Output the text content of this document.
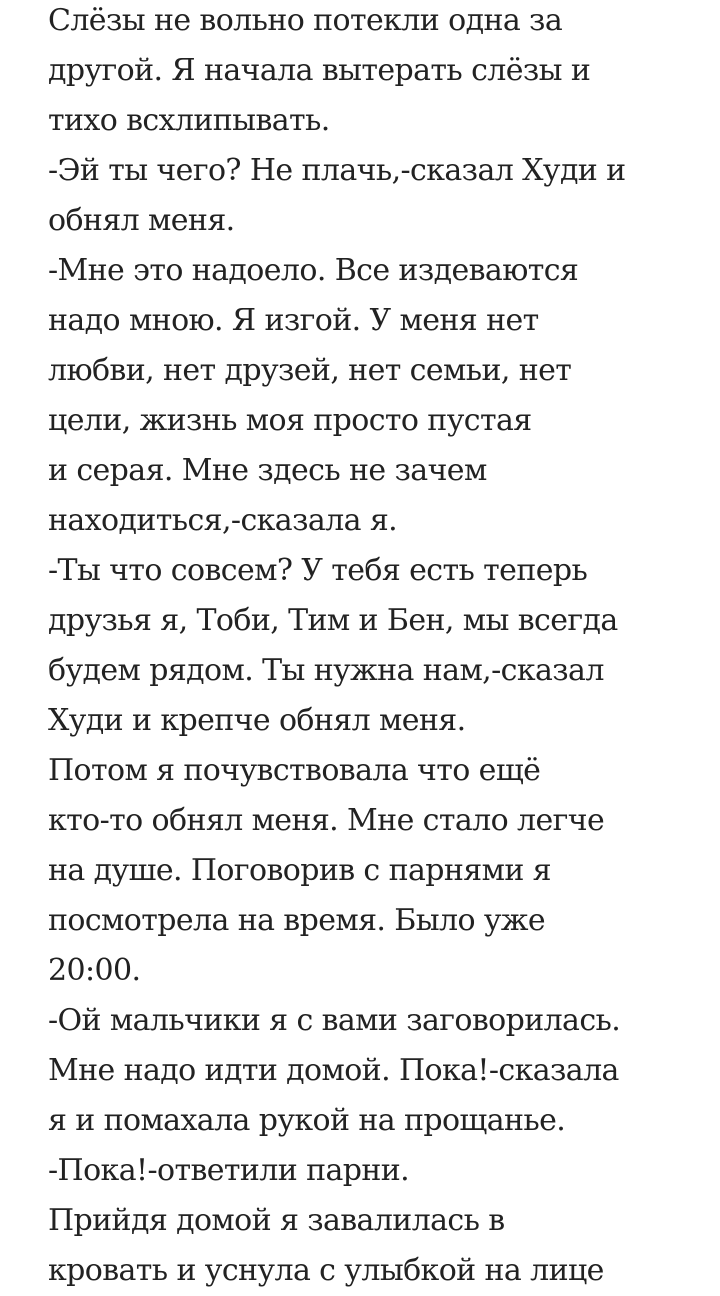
Слёзы не вольно потекли одна за
другой. Я начала вытерать слёзы и
тихо всхлипывать.
-Эй ты чего? Не плачь,-сказал Худи и
обнял меня.
-Мне это надоело. Все издеваются
надо мною. Я изгой. У меня нет
любви, нет друзей, нет семьи, нет
цели, жизнь моя просто пустая
и серая. Мне здесь не зачем
находиться,-сказала я.
-Ты что совсем? У тебя есть теперь
друзья я, Тоби, Тим и Бен, мы всегда
будем рядом. Ты нужна нам,-сказал
Худи и крепче обнял меня.
Потом я почувствовала что ещё
кто-то обнял меня. Мне стало легче
на душе. Поговорив с парнями я
посмотрела на время. Было уже
20:00.
-Ой мальчики я с вами заговорилась.
Мне надо идти домой. Пока!-сказала
я и помахала рукой на прощанье.
-Пока!-ответили парни.
Прийдя домой я завалилась в
кровать и уснула с улыбкой на лице
